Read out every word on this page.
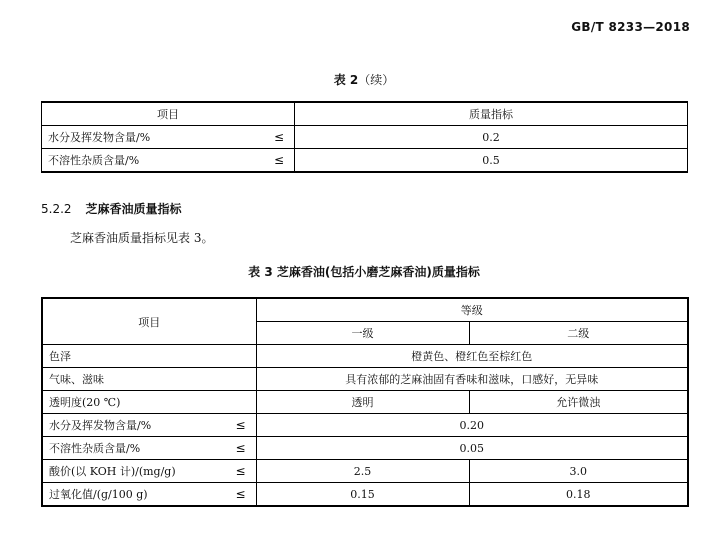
GB/T 8233—2018
表 2（续）
项目	质量指标

水分及挥发物含量/% ≤	0.2

不溶性杂质含量/% ≤	0.5
5.2.2 芝麻香油质量指标
芝麻香油质量指标见表 3。
表 3 芝麻香油(包括小磨芝麻香油)质量指标
项目	等级	
	一级	二级
色泽	橙黄色、橙红色至棕红色	
气味、滋味	具有浓郁的芝麻油固有香味和滋味，口感好，无异味	
透明度(20 ℃)	透明	允许微浊

水分及挥发物含量/% ≤	0.20	

不溶性杂质含量/% ≤	0.05	

酸价(以 KOH 计)/(mg/g) ≤	2.5	3.0

过氧化值/(g/100 g) ≤	0.15	0.18
